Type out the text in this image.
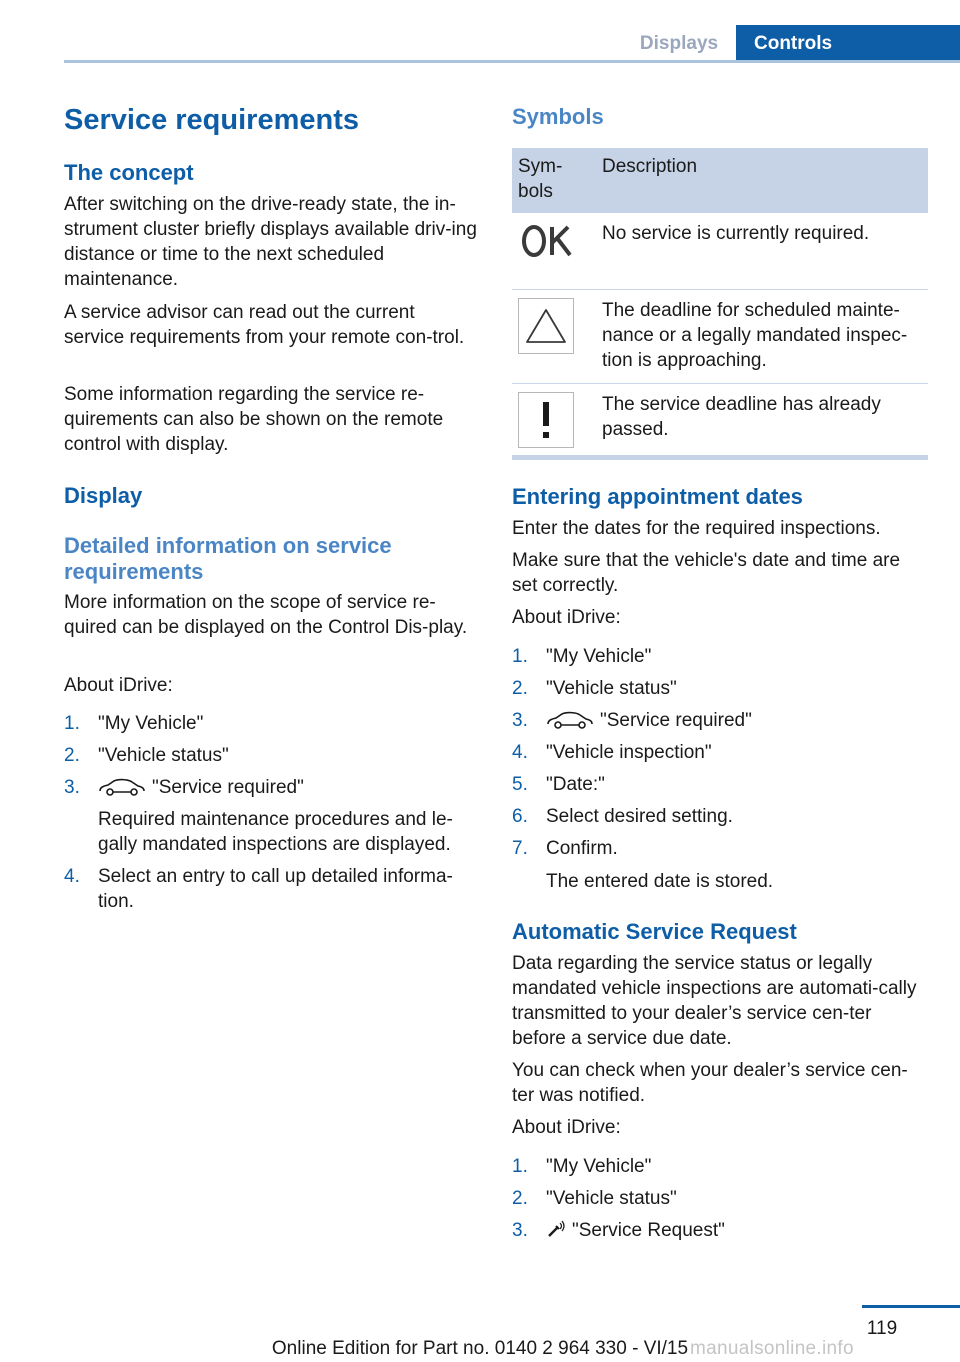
Displays	Controls
Service requirements
The concept

After switching on the drive-ready state, the in-strument cluster briefly displays available driv-ing distance or time to the next scheduled maintenance.

A service advisor can read out the current service requirements from your remote con-trol.

Some information regarding the service re-quirements can also be shown on the remote control with display.

Display
Detailed information on service requirements

More information on the scope of service re-quired can be displayed on the Control Dis-play.

About iDrive:

1. "My Vehicle"
2. "Vehicle status"
3.	"Service required"
Required maintenance procedures and le-gally mandated inspections are displayed.
4. Select an entry to call up detailed informa-tion.
Symbols
Sym-bols	Description

	No service is currently required.

	The deadline for scheduled mainte-nance or a legally mandated inspec-tion is approaching.

	The service deadline has already passed.
Entering appointment dates

Enter the dates for the required inspections.

Make sure that the vehicle's date and time are set correctly.

About iDrive:

1. "My Vehicle"
2. "Vehicle status"
3.	"Service required"
4. "Vehicle inspection"
5. "Date:"
6. Select desired setting.
7. Confirm.
The entered date is stored.
Automatic Service Request

Data regarding the service status or legally mandated vehicle inspections are automati-cally transmitted to your dealer’s service cen-ter before a service due date.

You can check when your dealer’s service cen-ter was notified.

About iDrive:

1. "My Vehicle"
2. "Vehicle status"
3. "Service Request"
119
Online Edition for Part no. 0140 2 964 330 - VI/15 manualsonline.info
